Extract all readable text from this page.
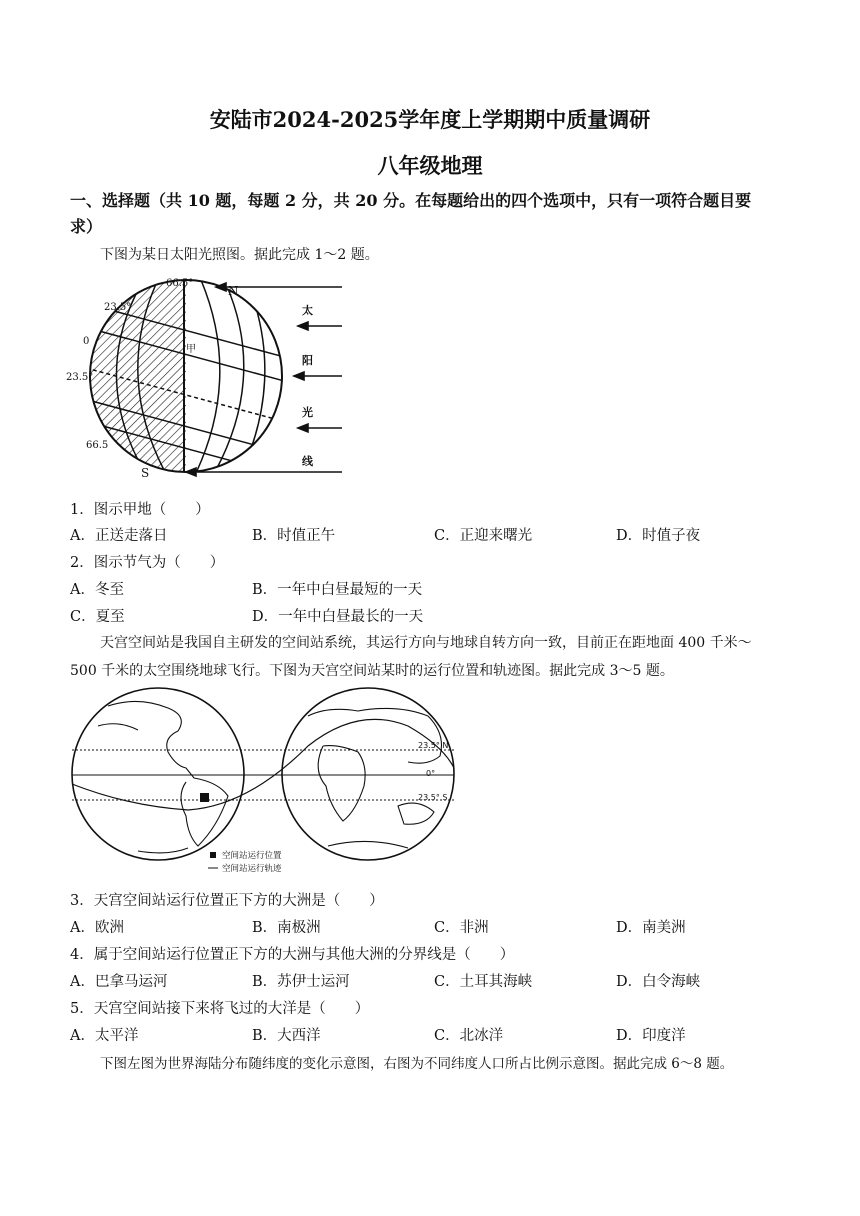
安陆市2024-2025学年度上学期期中质量调研
八年级地理
一、选择题（共 10 题，每题 2 分，共 20 分。在每题给出的四个选项中，只有一项符合题目要
求）
下图为某日太阳光照图。据此完成 1～2 题。
66.5°
23.5°
0
23.5°
66.5
N
S
甲
太
阳
光
线
1．图示甲地（　　）
A．正送走落日	B．时值正午	C．正迎来曙光	D．时值子夜
2．图示节气为（　　）
A．冬至	B．一年中白昼最短的一天
C．夏至	D．一年中白昼最长的一天
天宫空间站是我国自主研发的空间站系统，其运行方向与地球自转方向一致，目前正在距地面 400 千米～
500 千米的太空围绕地球飞行。下图为天宫空间站某时的运行位置和轨迹图。据此完成 3～5 题。
23.5° N
0°
23.5° S
空间站运行位置
空间站运行轨迹
3．天宫空间站运行位置正下方的大洲是（　　）
A．欧洲	B．南极洲	C．非洲	D．南美洲
4．属于空间站运行位置正下方的大洲与其他大洲的分界线是（　　）
A．巴拿马运河	B．苏伊士运河	C．土耳其海峡	D．白令海峡
5．天宫空间站接下来将飞过的大洋是（　　）
A．太平洋	B．大西洋	C．北冰洋	D．印度洋
下图左图为世界海陆分布随纬度的变化示意图，右图为不同纬度人口所占比例示意图。据此完成 6～8 题。
